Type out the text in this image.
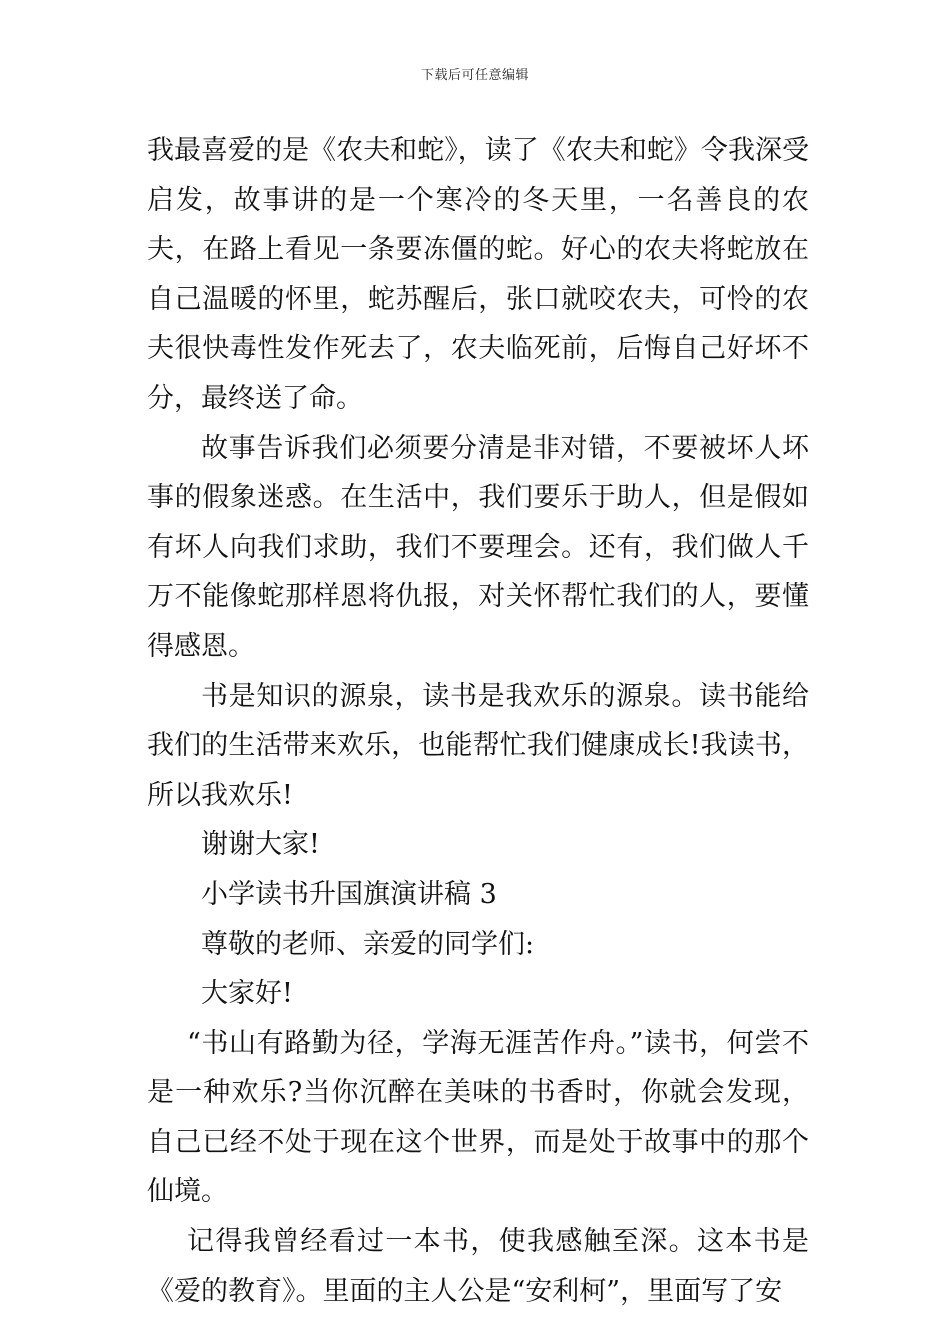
下载后可任意编辑

我最喜爱的是《农夫和蛇》，读了《农夫和蛇》令我深受启发，故事讲的是一个寒冷的冬天里，一名善良的农夫，在路上看见一条要冻僵的蛇。好心的农夫将蛇放在自己温暖的怀里，蛇苏醒后，张口就咬农夫，可怜的农夫很快毒性发作死去了，农夫临死前，后悔自己好坏不分，最终送了命。

故事告诉我们必须要分清是非对错，不要被坏人坏事的假象迷惑。在生活中，我们要乐于助人，但是假如有坏人向我们求助，我们不要理会。还有，我们做人千万不能像蛇那样恩将仇报，对关怀帮忙我们的人，要懂得感恩。

书是知识的源泉，读书是我欢乐的源泉。读书能给我们的生活带来欢乐，也能帮忙我们健康成长!我读书，所以我欢乐!

谢谢大家!

小学读书升国旗演讲稿 3

尊敬的老师、亲爱的同学们:

大家好!

“书山有路勤为径，学海无涯苦作舟。”读书，何尝不是一种欢乐?当你沉醉在美味的书香时，你就会发现，自己已经不处于现在这个世界，而是处于故事中的那个仙境。

记得我曾经看过一本书，使我感触至深。这本书是《爱的教育》。里面的主人公是“安利柯”，里面写了安
